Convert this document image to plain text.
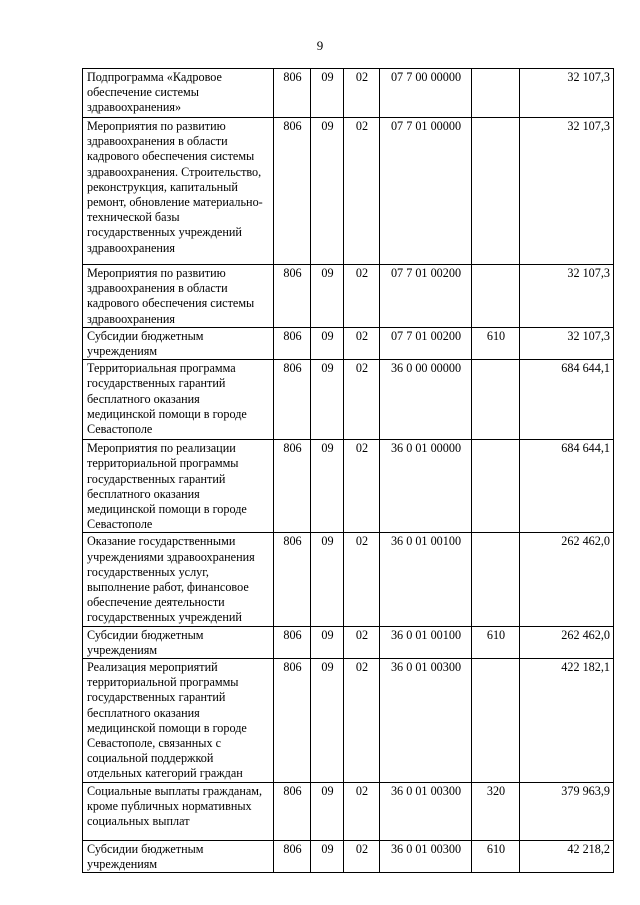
9
Подпрограмма «Кадровое обеспечение системы здравоохранения»	806	09	02	07 7 00 00000		32 107,3
Мероприятия по развитию здравоохранения в области кадрового обеспечения системы здравоохранения. Строительство, реконструкция, капитальный ремонт, обновление материально-технической базы государственных учреждений здравоохранения	806	09	02	07 7 01 00000		32 107,3
Мероприятия по развитию здравоохранения в области кадрового обеспечения системы здравоохранения	806	09	02	07 7 01 00200		32 107,3
Субсидии бюджетным учреждениям	806	09	02	07 7 01 00200	610	32 107,3
Территориальная программа государственных гарантий бесплатного оказания медицинской помощи в городе Севастополе	806	09	02	36 0 00 00000		684 644,1
Мероприятия по реализации территориальной программы государственных гарантий бесплатного оказания медицинской помощи в городе Севастополе	806	09	02	36 0 01 00000		684 644,1
Оказание государственными учреждениями здравоохранения государственных услуг, выполнение работ, финансовое обеспечение деятельности государственных учреждений	806	09	02	36 0 01 00100		262 462,0
Субсидии бюджетным учреждениям	806	09	02	36 0 01 00100	610	262 462,0
Реализация мероприятий территориальной программы государственных гарантий бесплатного оказания медицинской помощи в городе Севастополе, связанных с социальной поддержкой отдельных категорий граждан	806	09	02	36 0 01 00300		422 182,1
Социальные выплаты гражданам, кроме публичных нормативных социальных выплат	806	09	02	36 0 01 00300	320	379 963,9
Субсидии бюджетным учреждениям	806	09	02	36 0 01 00300	610	42 218,2
